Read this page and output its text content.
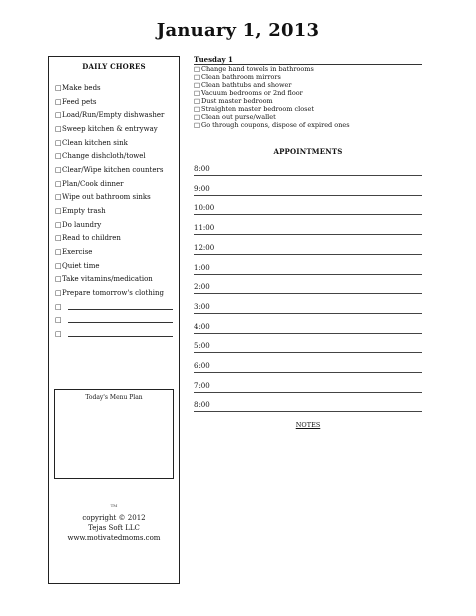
January 1, 2013
DAILY CHORES
□Make beds
□Feed pets
□Load/Run/Empty dishwasher
□Sweep kitchen & entryway
□Clean kitchen sink
□Change dishcloth/towel
□Clear/Wipe kitchen counters
□Plan/Cook dinner
□Wipe out bathroom sinks
□Empty trash
□Do laundry
□Read to children
□Exercise
□Quiet time
□Take vitamins/medication
□Prepare tomorrow's clothing
□
□
□
Today's Menu Plan
TM
copyright © 2012
Tejas Soft LLC
www.motivatedmoms.com
Tuesday 1
□Change hand towels in bathrooms
□Clean bathroom mirrors
□Clean bathtubs and shower
□Vacuum bedrooms or 2nd floor
□Dust master bedroom
□Straighten master bedroom closet
□Clean out purse/wallet
□Go through coupons, dispose of expired ones
APPOINTMENTS
8:00
9:00
10:00
11:00
12:00
1:00
2:00
3:00
4:00
5:00
6:00
7:00
8:00
NOTES
